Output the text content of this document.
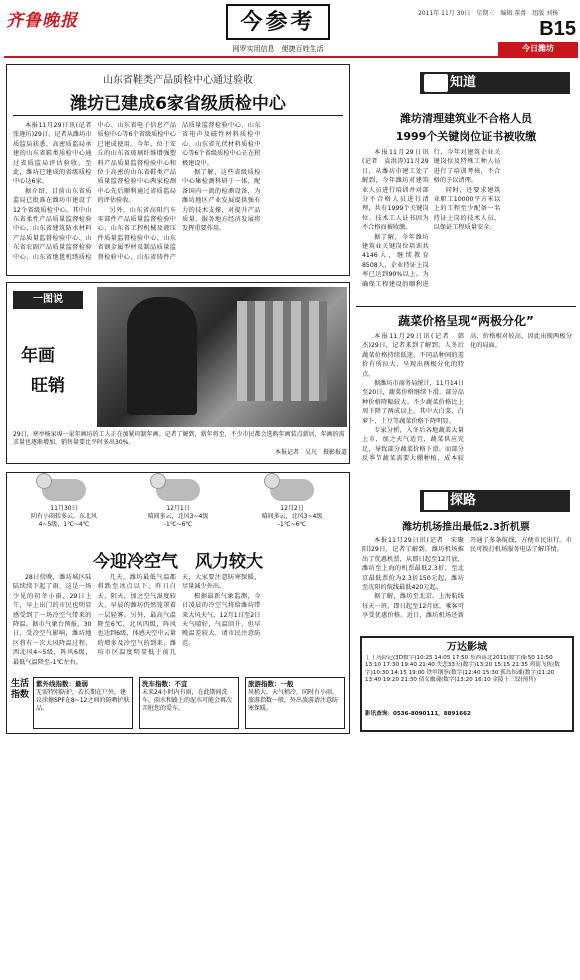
齐鲁晚报	今参考
网罗实用信息　便捷百姓生活
2011年 11月 30日　星期三　编辑 董菁　组版 刘杨
B15
今日潍坊
山东省鞋类产品质检中心通过验收
潍坊已建成6家省级质检中心

本报11月29日讯(记者　张逄坊)29日，记者从潍坊市质监局获悉，高密质监局承建的山东省鞋类质检中心通过省质监局评估验收，至此，潍坊已建成的省级质检中心达6家。

据介绍，目前山东省质监局已批准在潍坊市建设了12个省级质检中心，其中山东省柔性产品质量监督检验中心、山东省建筑防水材料产品质量监督检验中心、山东省农副产品质量监督检验中心、山东省地毯机绣质检中心、山东省电子信息产品质检中心等6个省级质检中心已建成使用。今年，位于安丘的山东省玻璃纤维增强塑料产品质量监督检验中心和位于高密的山东省鞋类产品质量监督检验中心两家检测中心先后顺利通过省质监局的评估验收。

另外，山东省高阳汽车零部件产品质量监督检验中心、山东省工程机械及液压件质量监督检验中心、山东省钢金属型材及制品质量监督检验中心、山东省铸件产品质量监督检验中心、山东省电声及磁性材料质检中心、山东省光伏材料质检中心等6个省级质检中心正在积极建设中。

据了解，这些省级质检中心集检测科研于一体，配备国内一流的检测设备，为潍坊地区产业发展提供强有力的技术支撑，对提升产品质量、服务地方经济发展将发挥重要作用。

一图说
年画
旺销
29日，寒亭杨家埠一家年画坊的工人正在加紧印制年画。记者了解到，新年将至，不少市民都会选购年画装点新居，年画的需求量也逐渐增加，销售量要比平时多出30%。
本报记者　吴凡　摄影报道
11月30日
阴有小雨转多云，东北风
4~5级，1℃~4℃
12月1日
晴间多云，北风3~4级
-1℃~6℃
12月2日
晴间多云，北风3~4级
-1℃~6℃
今迎冷空气　风力较大

28日傍晚，潍坊城区陆陆续续下起了雨，这是一场少见的初冬小雨，29日上午，早上出门的市民也明显感受到了一场冷空气带来的降温。据市气象台预报，30日，受冷空气影响，潍坊地区将有一次大风降温过程，西北风4~5级，阵风6级，最低气温降至-1℃左右。

几天，潍坊最低气温都将跌至冰点以下。昨日白天，阴天，加之空气湿度较大，早晨的潍坊仍然笼罩着一层轻雾。另外，最高气温降至6℃，北风四级，阵风也达到6级，体感天空中云量的增多及冷空气的到来，潍坊市区温度明显低于前几天，大家要注意防寒保暖，尽量减少外出。

根据最新气象监测，今日凌晨的冷空气将给潍坊带来大风天气，12月1日至2日天气晴好，气温回升，但早晚温差较大，请市民注意防范。

生活指数
紫外线指数：最弱
无需特别防护，若长期在户外，建议涂擦SPF在8~12之间的防晒护肤品。
洗车指数：不宜
未来24小时内有雨，在此期间洗车，雨水和路上的泥水可能会再次弄脏您的爱车。
旅游指数：一般
风稍大，天气稍冷，同时有小雨，旅游指数一般，外出旅游请注意防寒保暖。
知道
潍坊清理建筑业不合格人员
1999个关键岗位证书被收缴

本报11月29日讯(记者　袁洪涛)11月29日，从潍坊市建工处了解到，今年潍坊对建筑业人员进行培训并对部分不合格人员进行清理，共有1999个关键岗位、技术工人证书因为不合格而被收缴。

据了解，今年潍坊建筑业关键岗位培训共4146人，继续教育8508人，企业持证上岗率已达到90%以上。为确保工程建设的顺利进行，今年对建筑企业关键岗位及特殊工种人员进行了培训考核，不合格的予以清理。

同时，还要求建筑业职工10000平方米以上的工程至少配备一名持证上岗的技术人员，以保证工程质量安全。

蔬菜价格呈现“两极分化”

本报11月29日讯(记者　韩杰)29日，记者来到了解到，人冬后蔬菜价格持续低迷，不同品种间的差价有所拉大，呈现出两极分化的特点。

据潍坊市商务局统计，11月14日至20日，蔬菜价格继续下滑，部分品种价格降幅较大。不少蔬菜价格比上周下降了两成以上，其中大白菜、白萝卜、土豆等蔬菜价格下降明显。

专家分析，入冬后各地蔬菜大量上市，加之天气适宜，蔬菜供应充足，导致部分蔬菜价格下滑。而部分反季节蔬菜需要大棚种植，成本较高，价格相对较高，因此出现两极分化的局面。

探路
潍坊机场推出最低2.3折机票

本报11月29日讯(记者　宋聚阳)29日，记者了解到，潍坊机场推出了优惠机票，从即日起至12月底，潍坊至上海的机票最低2.3折，至北京最低票价为2.3折150元起，潍坊至沈阳的航线最低420元起。

据了解，潍坊至北京、上海航线每天一班，即日起至12月底，乘客可享受优惠价格。近日，潍坊机场还新开通了多条航线，方便市民出行。市民可拨打机场服务电话了解详情。

万达影城
丁丁历险记(3D数字)10:25 14:05 17:50 东西南北2011(数字)9:50 11:50 13:10 17:30 19:40 21:40 失恋33天(数字)13:20 15:15 21:35 鸡街飞侠(数字)10:30 14:15 19:00 铁甲钢拳(数字)12:40 15:30 孤岛惊魂(数字)11:20 13:40 19:20 21:30 倩女幽魂(数字)13:20 16:10 金陵十三钗(预售)
影讯查询：0536-8090111，8891662
